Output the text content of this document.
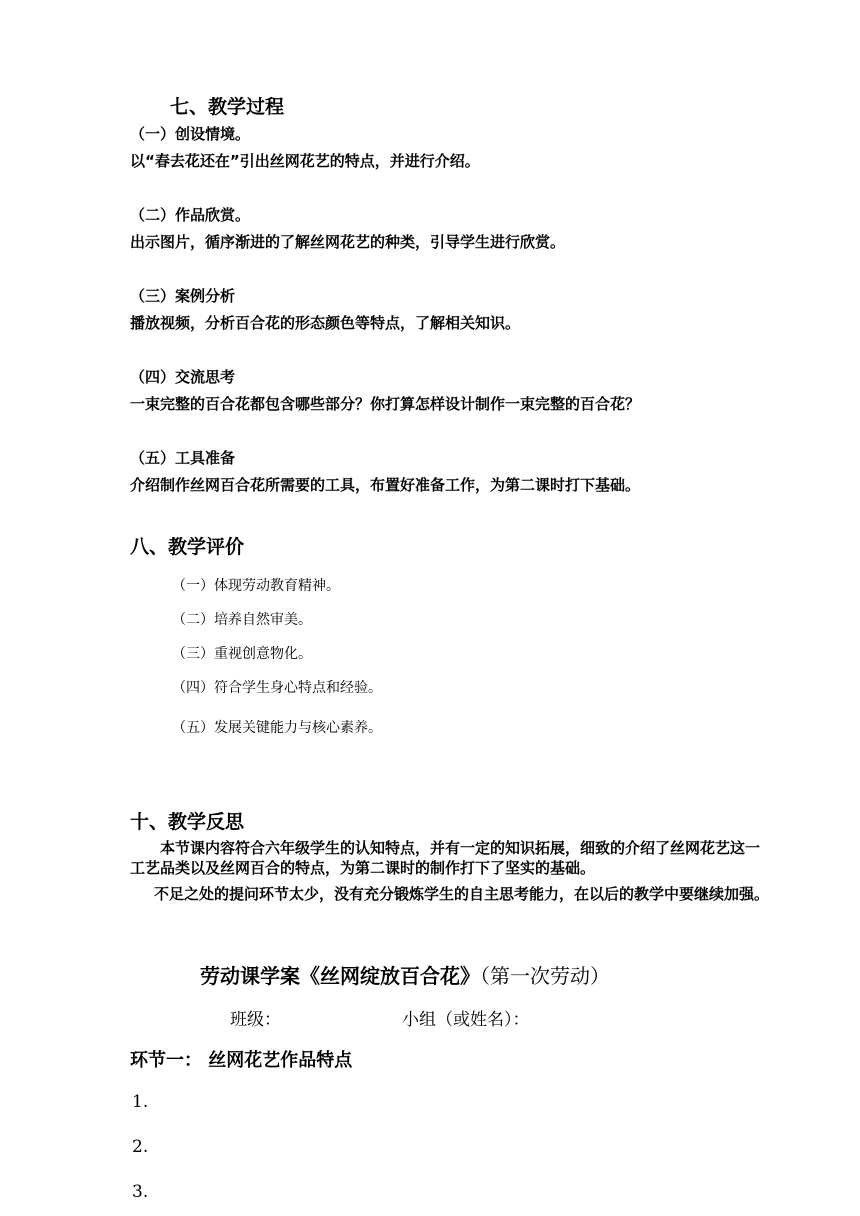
七、教学过程
（一）创设情境。
以“春去花还在”引出丝网花艺的特点，并进行介绍。
（二）作品欣赏。
出示图片，循序渐进的了解丝网花艺的种类，引导学生进行欣赏。
（三）案例分析
播放视频，分析百合花的形态颜色等特点，了解相关知识。
（四）交流思考
一束完整的百合花都包含哪些部分？你打算怎样设计制作一束完整的百合花？
（五）工具准备
介绍制作丝网百合花所需要的工具，布置好准备工作，为第二课时打下基础。
八、教学评价
（一）体现劳动教育精神。
（二）培养自然审美。
（三）重视创意物化。
（四）符合学生身心特点和经验。
（五）发展关键能力与核心素养。
十、教学反思
本节课内容符合六年级学生的认知特点，并有一定的知识拓展，细致的介绍了丝网花艺这一工艺品类以及丝网百合的特点，为第二课时的制作打下了坚实的基础。
不足之处的提问环节太少，没有充分锻炼学生的自主思考能力，在以后的教学中要继续加强。
劳动课学案《丝网绽放百合花》（第一次劳动）
班级：	小组（或姓名）：
环节一： 丝网花艺作品特点
1.
2.
3.
